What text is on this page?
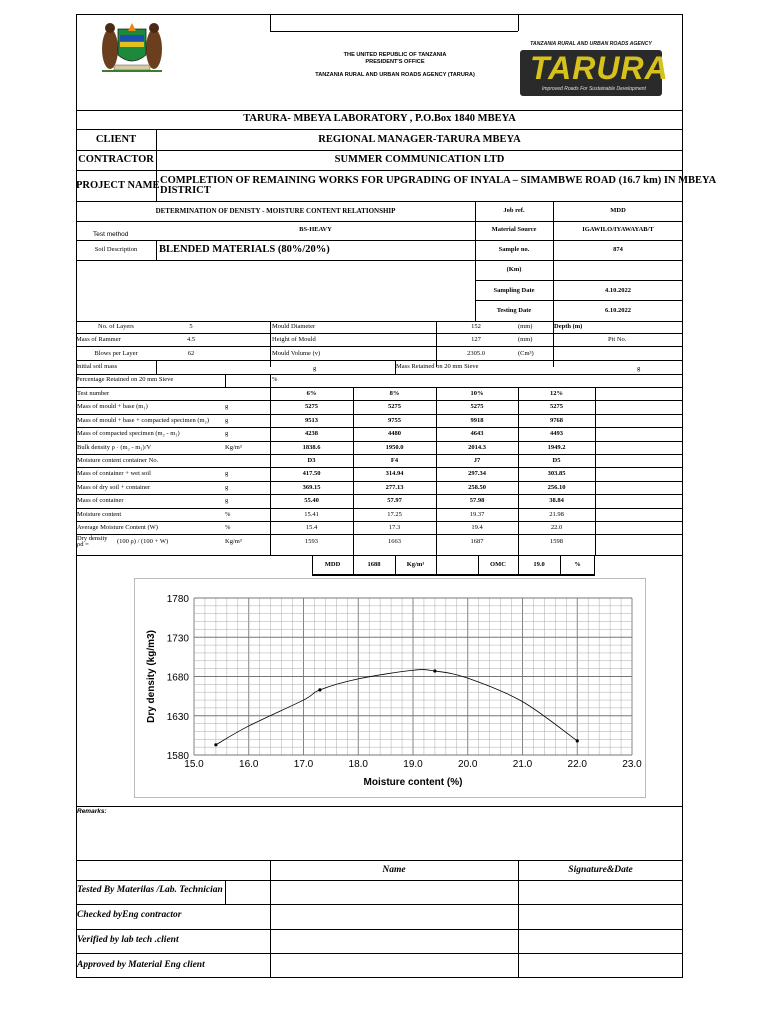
THE UNITED REPUBLIC OF TANZANIA
PRESIDENT'S OFFICE
TANZANIA RURAL AND URBAN ROADS AGENCY (TARURA)
TANZANIA RURAL AND URBAN ROADS AGENCY
TARURA
Improved Roads For Sustainable Development
TARURA- MBEYA LABORATORY , P.O.Box 1840 MBEYA
CLIENT	REGIONAL MANAGER-TARURA MBEYA
CONTRACTOR	SUMMER COMMUNICATION LTD
PROJECT NAME COMPLETION OF REMAINING WORKS FOR UPGRADING OF INYALA – SIMAMBWE ROAD (16.7 km) IN MBEYA
DISTRICT
DETERMINATION OF DENISTY - MOISTURE CONTENT RELATIONSHIP	Job ref.	MDD
Test method
BS-HEAVY	Material Source	IGAWILO/IYAWAYAB/T
Soil Description	BLENDED MATERIALS (80%/20%)	Sample no.	874
(Km)
Sampling Date	4.10.2022
Testing Date	6.10.2022
No. of Layers	5	Mould Diameter	152	(mm)	Depth (m)
Mass of Rammer	4.5	Height of Mould	127	(mm)	Pit No.
Blows per Layer	62	Mould Volume (v)	2305.0	(Cm³)
Initial soil mass	g	Mass Retained on 20 mm Sieve	g
Percentage Retained on 20 mm Sieve	%
Test number	6%	8%	10%	12%
Mass of mould + base (m₁)	g	5275	5275	5275	5275
Mass of mould + base + compacted specimen (m₂) g	9513	9755	9918	9768
Mass of compacted specimen (m₂ - m₁)	g	4238	4480	4643	4493
Bulk density ρ · (m₂ - m₁)/V	Kg/m³	1838.6	1950.0	2014.3	1949.2
Moisture content container No.	D3	F4	J7	D5
Mass of container + wet soil	g	417.50	314.94	297.34	303.85
Mass of dry soil + container	g	369.15	277.13	258.50	256.10
Mass of container	g	55.40	57.97	57.98	38.84
Moisture content	%	15.41	17.25	19.37	21.98
Average Moisture Content (W)	%	15.4	17.3	19.4	22.0
Dry density
ρd =	(100 ρ) / (100 + W)	Kg/m³	1593	1663	1687	1598
MDD	1688	Kg/m³	OMC	19.0	%
15.0	16.0	17.0	18.0	19.0	20.0	21.0	22.0	23.0
1580
1630
1680
1730
1780
Moisture content (%)
Dry density (kg/m3)
Remarks:
Name	Signature&Date
Tested By Materilas /Lab. Technician
Checked byEng contractor
Verified by lab tech .client
Approved by Material Eng client
